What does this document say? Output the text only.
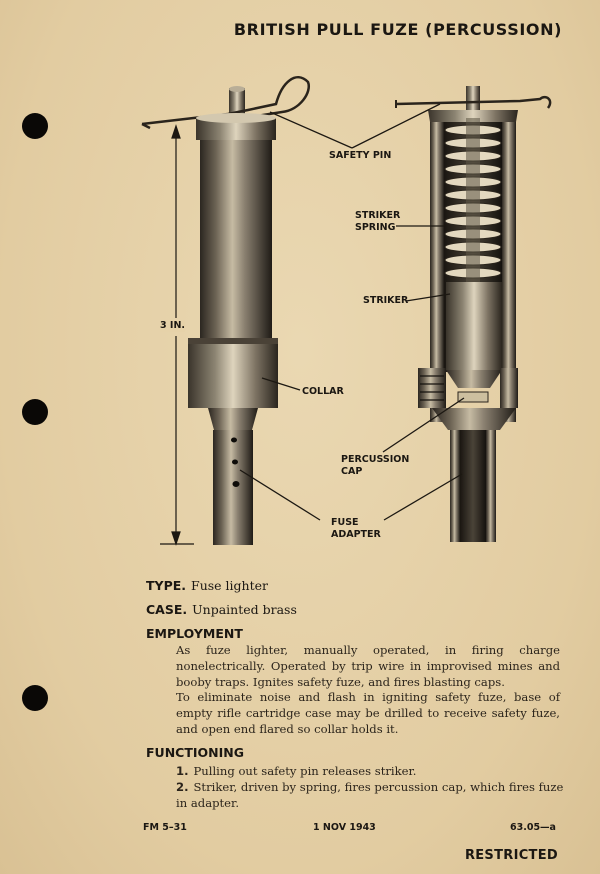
BRITISH PULL FUZE (PERCUSSION)
SAFETY PIN
STRIKER
SPRING
STRIKER
3 IN.
COLLAR
PERCUSSION
CAP
FUSE
ADAPTER
TYPE. Fuse lighter
CASE. Unpainted brass
EMPLOYMENT

As fuze lighter, manually operated, in firing charge nonelectrically. Operated by trip wire in improvised mines and booby traps. Ignites safety fuze, and fires blasting caps.

To eliminate noise and flash in igniting safety fuze, base of empty rifle cartridge case may be drilled to receive safety fuze, and open end flared so collar holds it.

FUNCTIONING
1. Pulling out safety pin releases striker.
2. Striker, driven by spring, fires percussion cap, which fires fuze in adapter.
FM 5–31	1 NOV 1943	63.05—a
RESTRICTED
